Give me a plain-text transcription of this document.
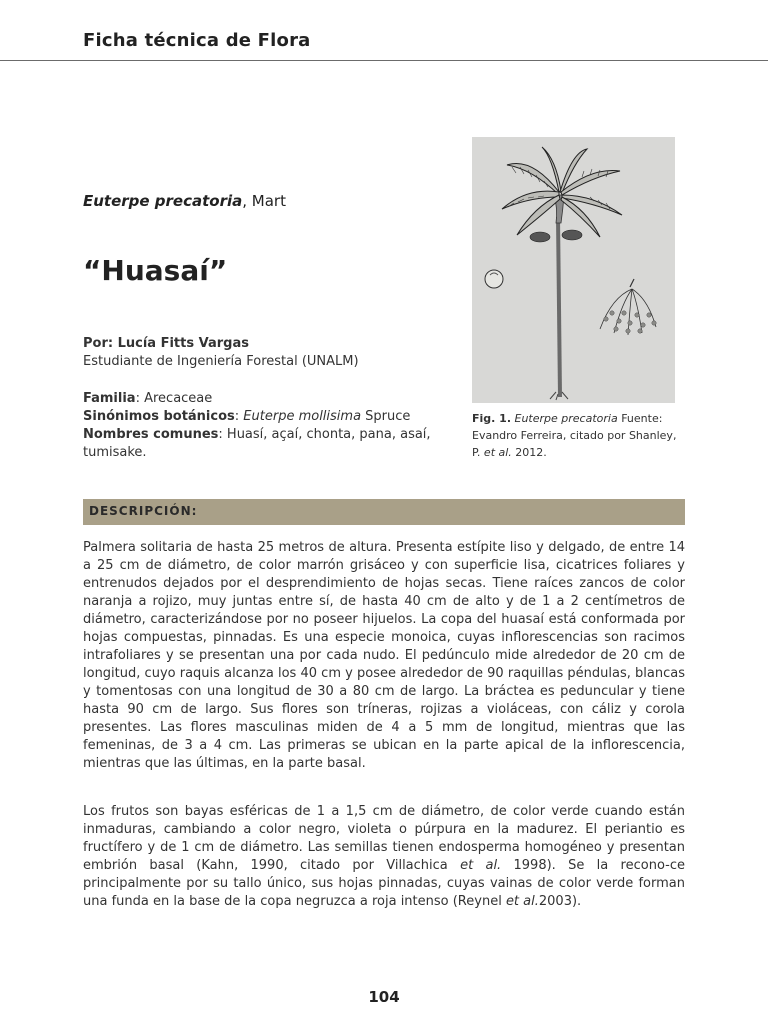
Ficha técnica de Flora
Euterpe precatoria, Mart
“Huasaí”
Por: Lucía Fitts Vargas
Estudiante de Ingeniería Forestal (UNALM)
Familia: Arecaceae
Sinónimos botánicos: Euterpe mollisima Spruce
Nombres comunes: Huasí, açaí, chonta, pana, asaí, tumisake.
Fig. 1. Euterpe precatoria Fuente: Evandro Ferreira, citado por Shanley, P. et al. 2012.
DESCRIPCIÓN:
Palmera solitaria de hasta 25 metros de altura. Presenta estípite liso y delgado, de entre 14 a 25 cm de diámetro, de color marrón grisáceo y con superficie lisa, cicatrices foliares y entrenudos dejados por el desprendimiento de hojas secas. Tiene raíces zancos de color naranja a rojizo, muy juntas entre sí, de hasta 40 cm de alto y de 1 a 2 centímetros de diámetro, caracterizándose por no poseer hijuelos. La copa del huasaí está conformada por hojas compuestas, pinnadas. Es una especie monoica, cuyas inflorescencias son racimos intrafoliares y se presentan una por cada nudo. El pedúnculo mide alrededor de 20 cm de longitud, cuyo raquis alcanza los 40 cm y posee alrededor de 90 raquillas péndulas, blancas y tomentosas con una longitud de 30 a 80 cm de largo. La bráctea es peduncular y tiene hasta 90 cm de largo. Sus flores son tríneras, rojizas a violáceas, con cáliz y corola presentes. Las flores masculinas miden de 4 a 5 mm de longitud, mientras que las femeninas, de 3 a 4 cm. Las primeras se ubican en la parte apical de la inflorescencia, mientras que las últimas, en la parte basal.
Los frutos son bayas esféricas de 1 a 1,5 cm de diámetro, de color verde cuando están inmaduras, cambiando a color negro, violeta o púrpura en la madurez. El periantio es fructífero y de 1 cm de diámetro. Las semillas tienen endosperma homogéneo y presentan embrión basal (Kahn, 1990, citado por Villachica et al. 1998). Se la recono-ce principalmente por su tallo único, sus hojas pinnadas, cuyas vainas de color verde forman una funda en la base de la copa negruzca a roja intenso (Reynel et al.2003).
104
